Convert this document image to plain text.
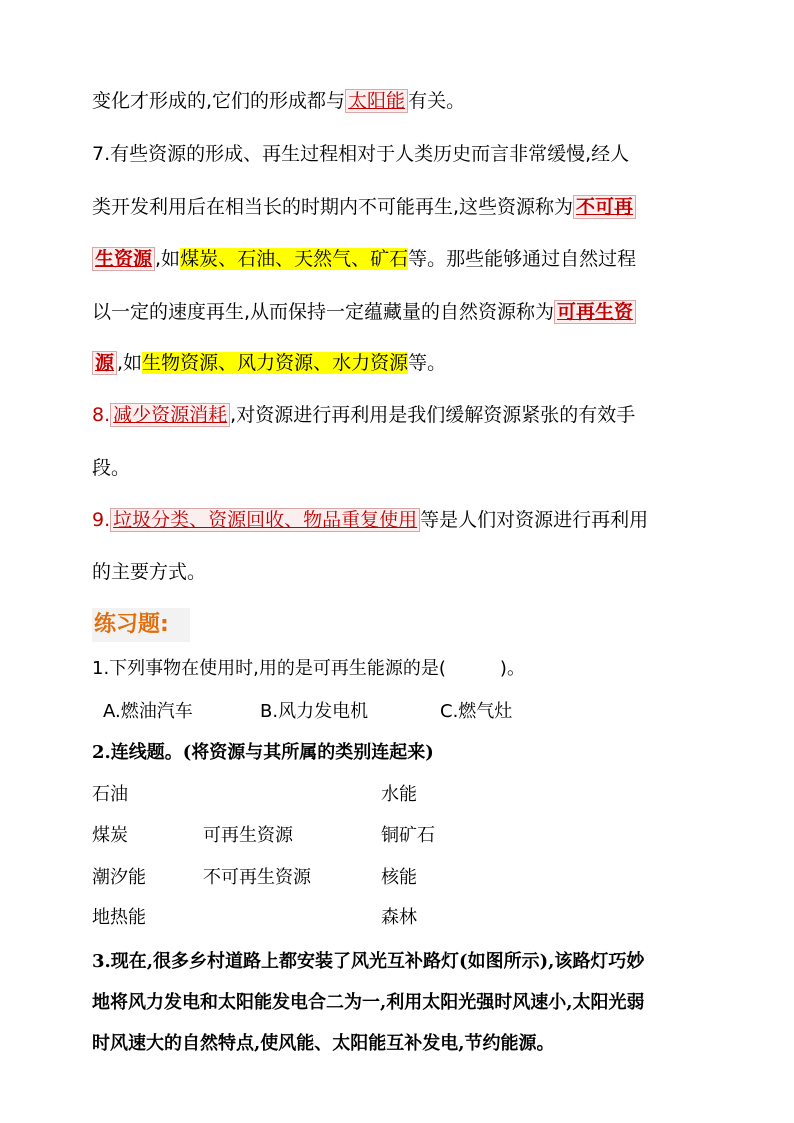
变化才形成的,它们的形成都与 太阳能 有关。
7.有些资源的形成、再生过程相对于人类历史而言非常缓慢,经人
类开发利用后在相当长的时期内不可能再生,这些资源称为 不可再
生资源 ,如煤炭、石油、天然气、矿石等。那些能够通过自然过程
以一定的速度再生,从而保持一定蕴藏量的自然资源称为 可再生资
源 ,如生物资源、风力资源、水力资源等。
8. 减少资源消耗 ,对资源进行再利用是我们缓解资源紧张的有效手
段。
9. 垃圾分类、资源回收、物品重复使用 等是人们对资源进行再利用
的主要方式。
练习题:
1.下列事物在使用时,用的是可再生能源的是(　　　)。
A.燃油汽车	B.风力发电机	C.燃气灶
2.连线题。(将资源与其所属的类别连起来)
石油
煤炭
潮汐能
地热能
可再生资源
不可再生资源
水能
铜矿石
核能
森林
3.现在,很多乡村道路上都安装了风光互补路灯(如图所示),该路灯巧妙
地将风力发电和太阳能发电合二为一,利用太阳光强时风速小,太阳光弱
时风速大的自然特点,使风能、太阳能互补发电,节约能源。
